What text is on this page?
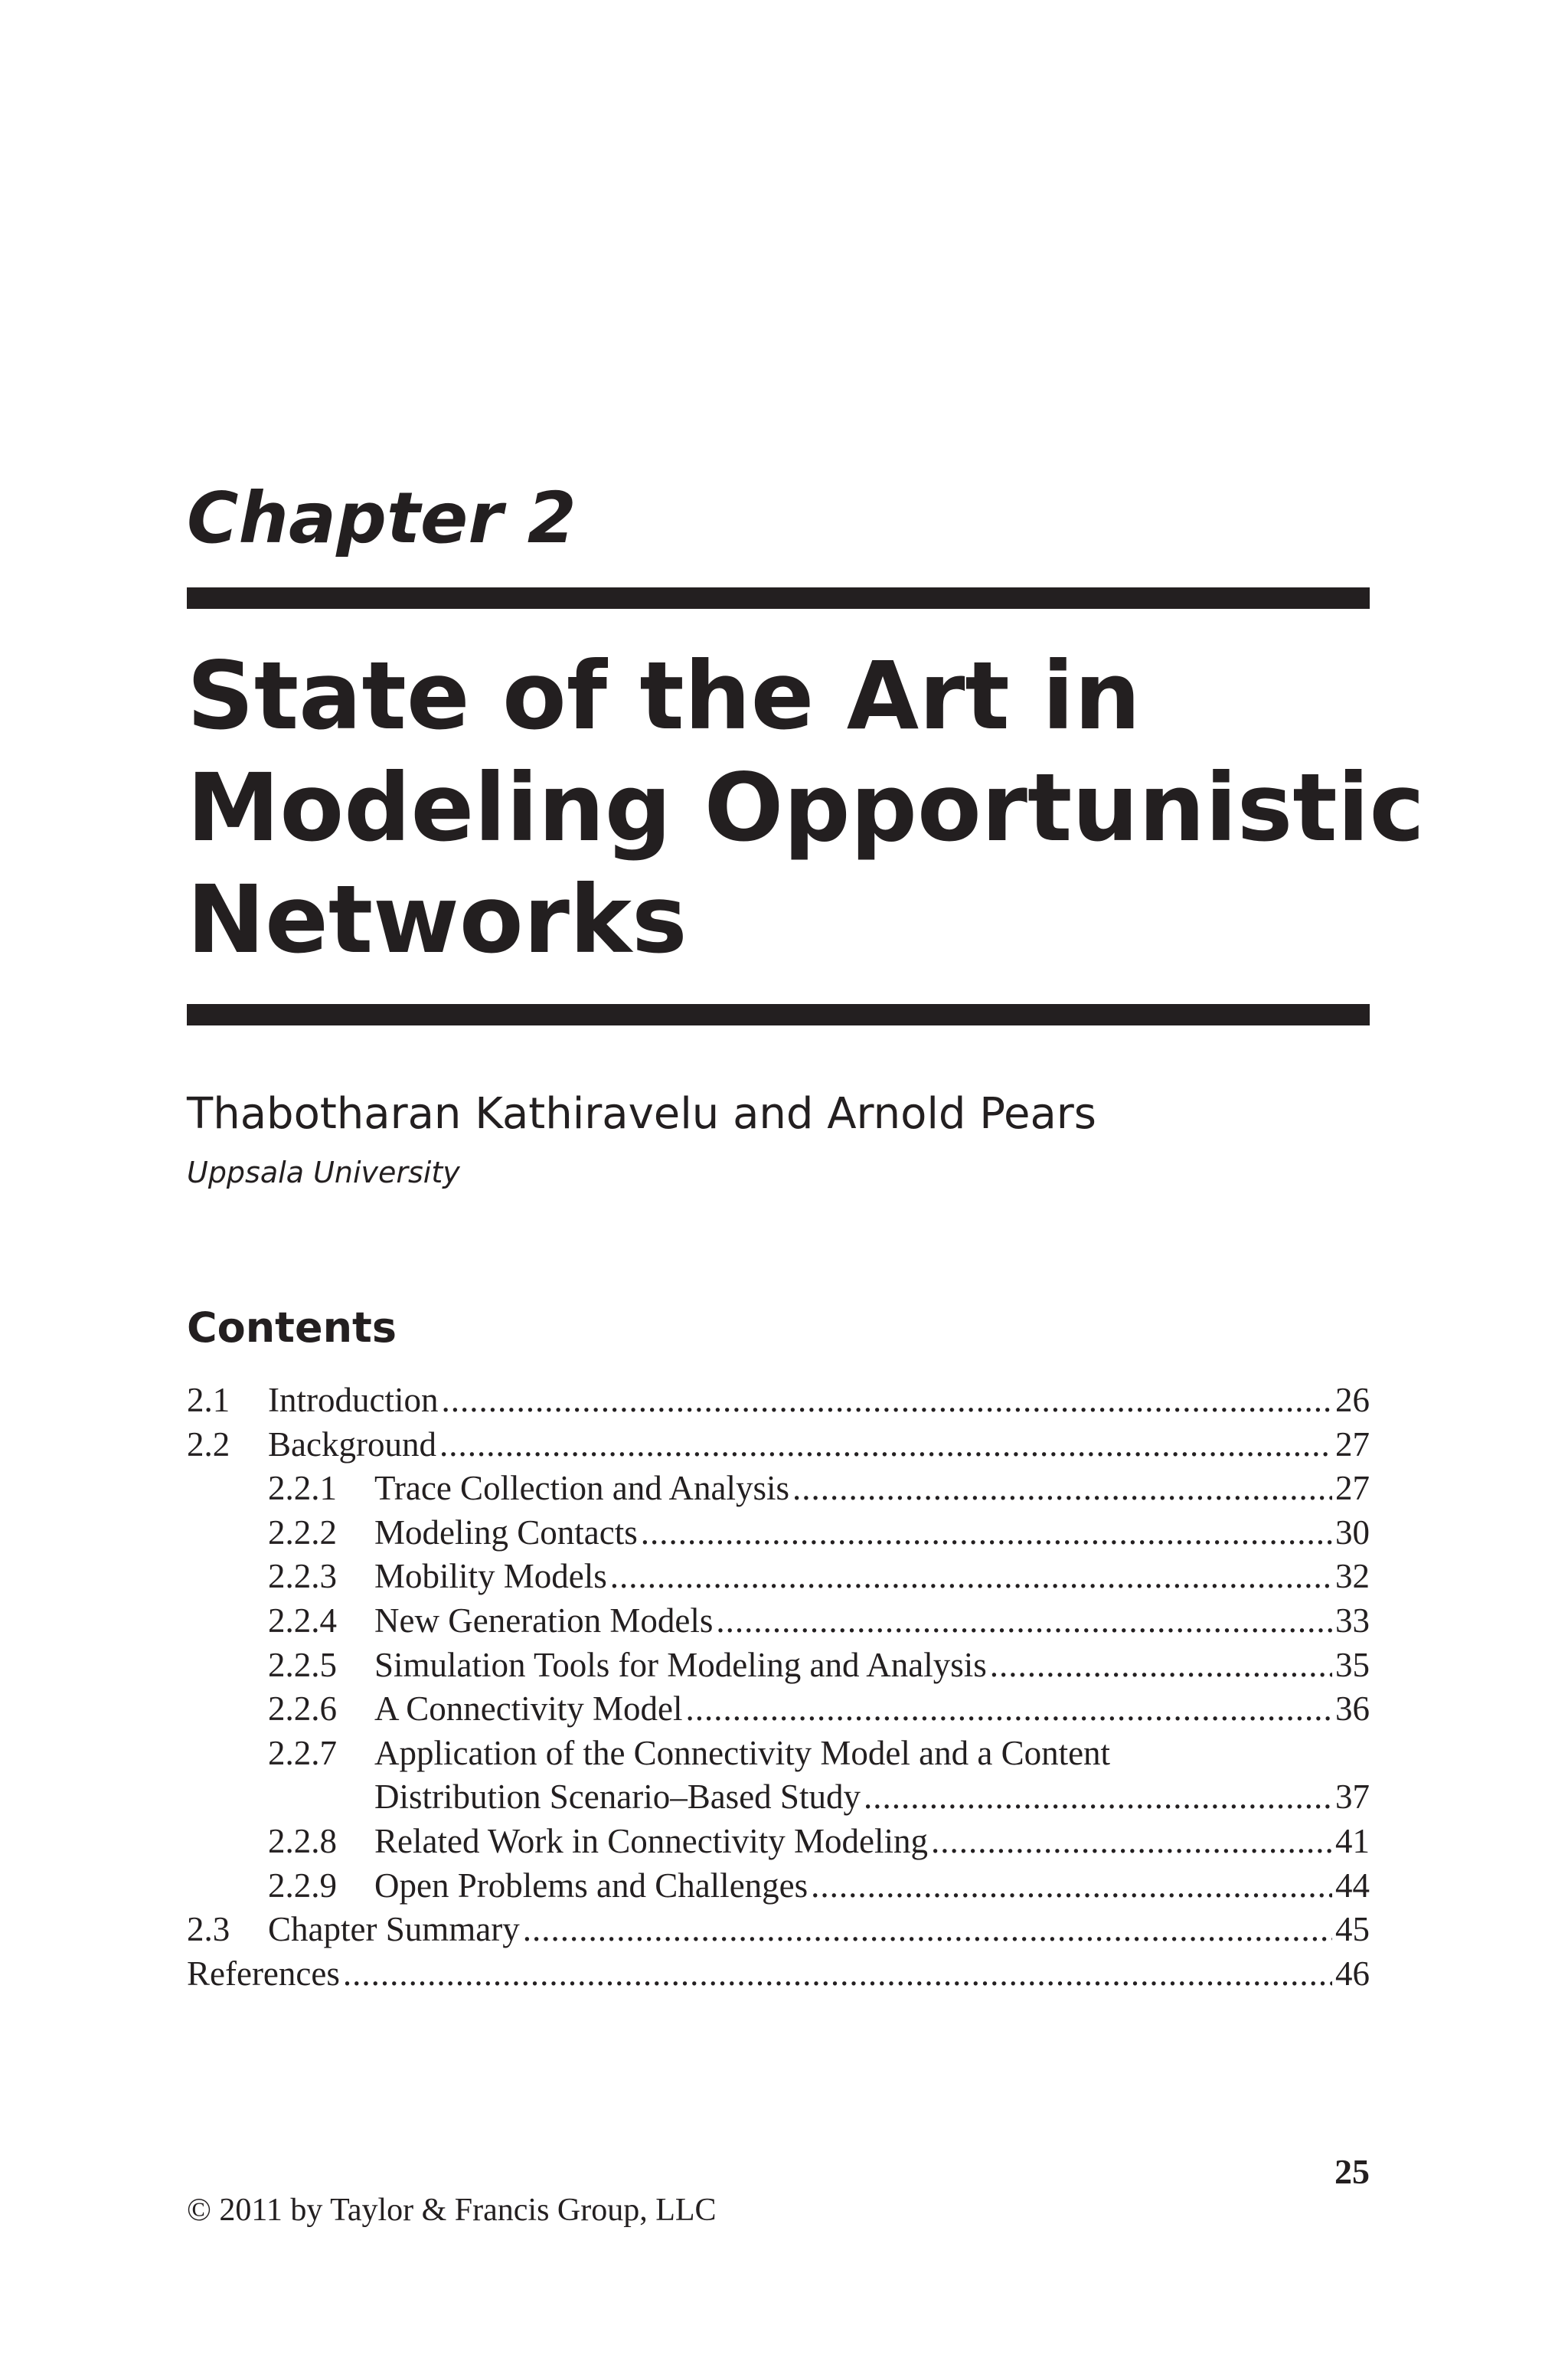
Chapter 2
State of the Art in
Modeling Opportunistic
Networks

Thabotharan Kathiravelu and Arnold Pears

Uppsala University

Contents
2.1	Introduction .....	26
2.2	Background .....	27
2.2.1	Trace Collection and Analysis .....	27
2.2.2	Modeling Contacts .....	30
2.2.3	Mobility Models .....	32
2.2.4	New Generation Models .....	33
2.2.5	Simulation Tools for Modeling and Analysis .....	35
2.2.6	A Connectivity Model .....	36
2.2.7	Application of the Connectivity Model and a Content
Distribution Scenario–Based Study .....	37
2.2.8	Related Work in Connectivity Modeling .....	41
2.2.9	Open Problems and Challenges .....	44
2.3	Chapter Summary .....	45
References .....	46

25

© 2011 by Taylor & Francis Group, LLC
